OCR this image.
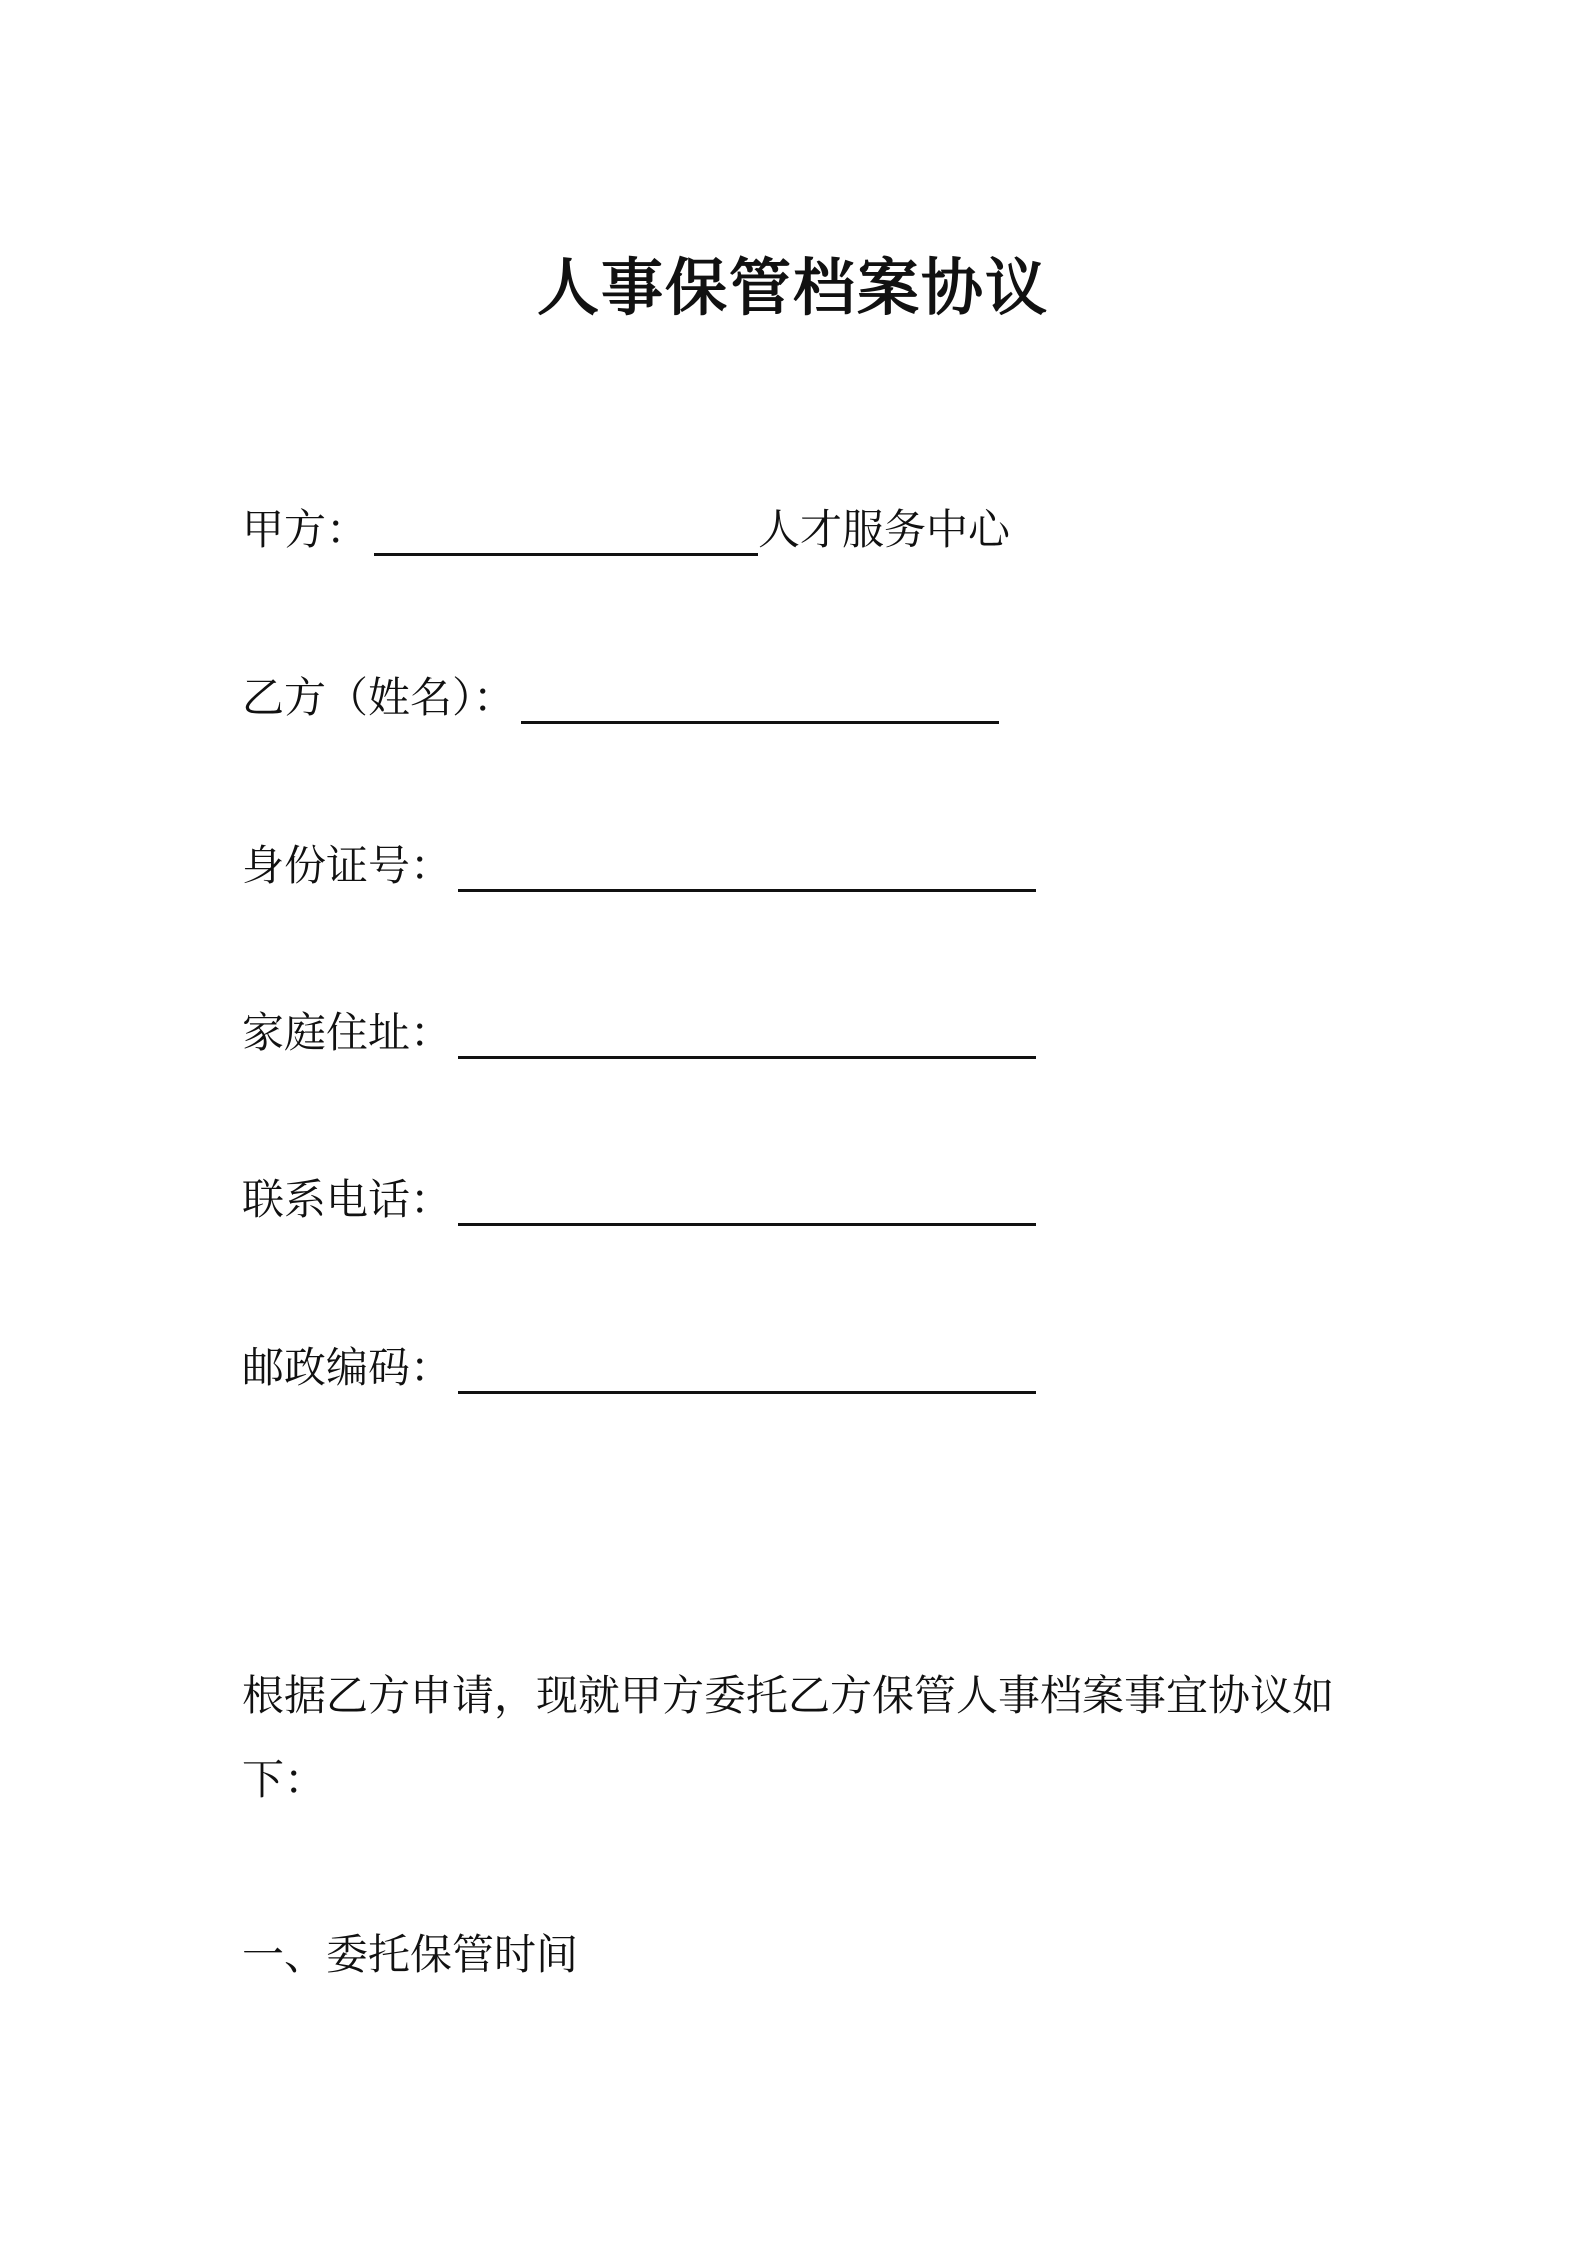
人事保管档案协议
甲方：	人才服务中心
乙方（姓名）：
身份证号：
家庭住址：
联系电话：
邮政编码：
根据乙方申请，现就甲方委托乙方保管人事档案事宜协议如下：
一、委托保管时间
